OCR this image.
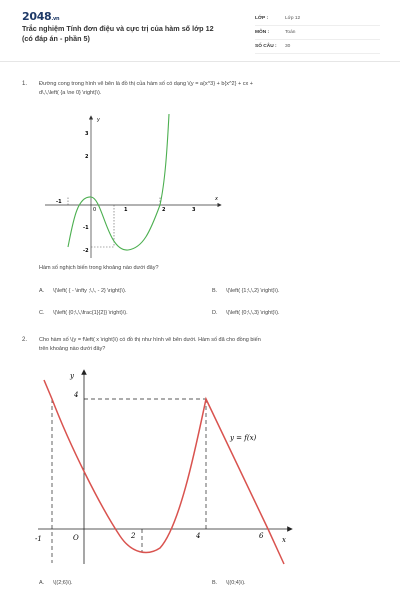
2048.vn
Trắc nghiệm Tính đơn điệu và cực trị của hàm số lớp 12
(có đáp án - phần 5)
LỚP :	Lớp 12
MÔN :	Toán
SỐ CÂU : 30
1. Đường cong trong hình vẽ bên là đồ thị của hàm số có dạng \(y = a{x^3} + b{x^2} + cx +
d\,\,\left( {a \ne 0} \right)\).
y
x
-1
1	2	3
3
2
-1
-2
0
Hàm số nghịch biến trong khoảng nào dưới đây?
A. \(\left( { - \infty ;\,\, - 2} \right)\).	B. \(\left( {1;\,\,2} \right)\).
C. \(\left( {0;\,\,\frac{1}{2}} \right)\).	D. \(\left( {0;\,\,3} \right)\).
2. Cho hàm số \(y = f\left( x \right)\) có đồ thị như hình vẽ bên dưới. Hàm số đã cho đồng biến
trên khoảng nào dưới đây?
y
x
4
-1	O	2	4	6
y = f(x)
A. \((2;6)\).	B. \((0;4)\).
